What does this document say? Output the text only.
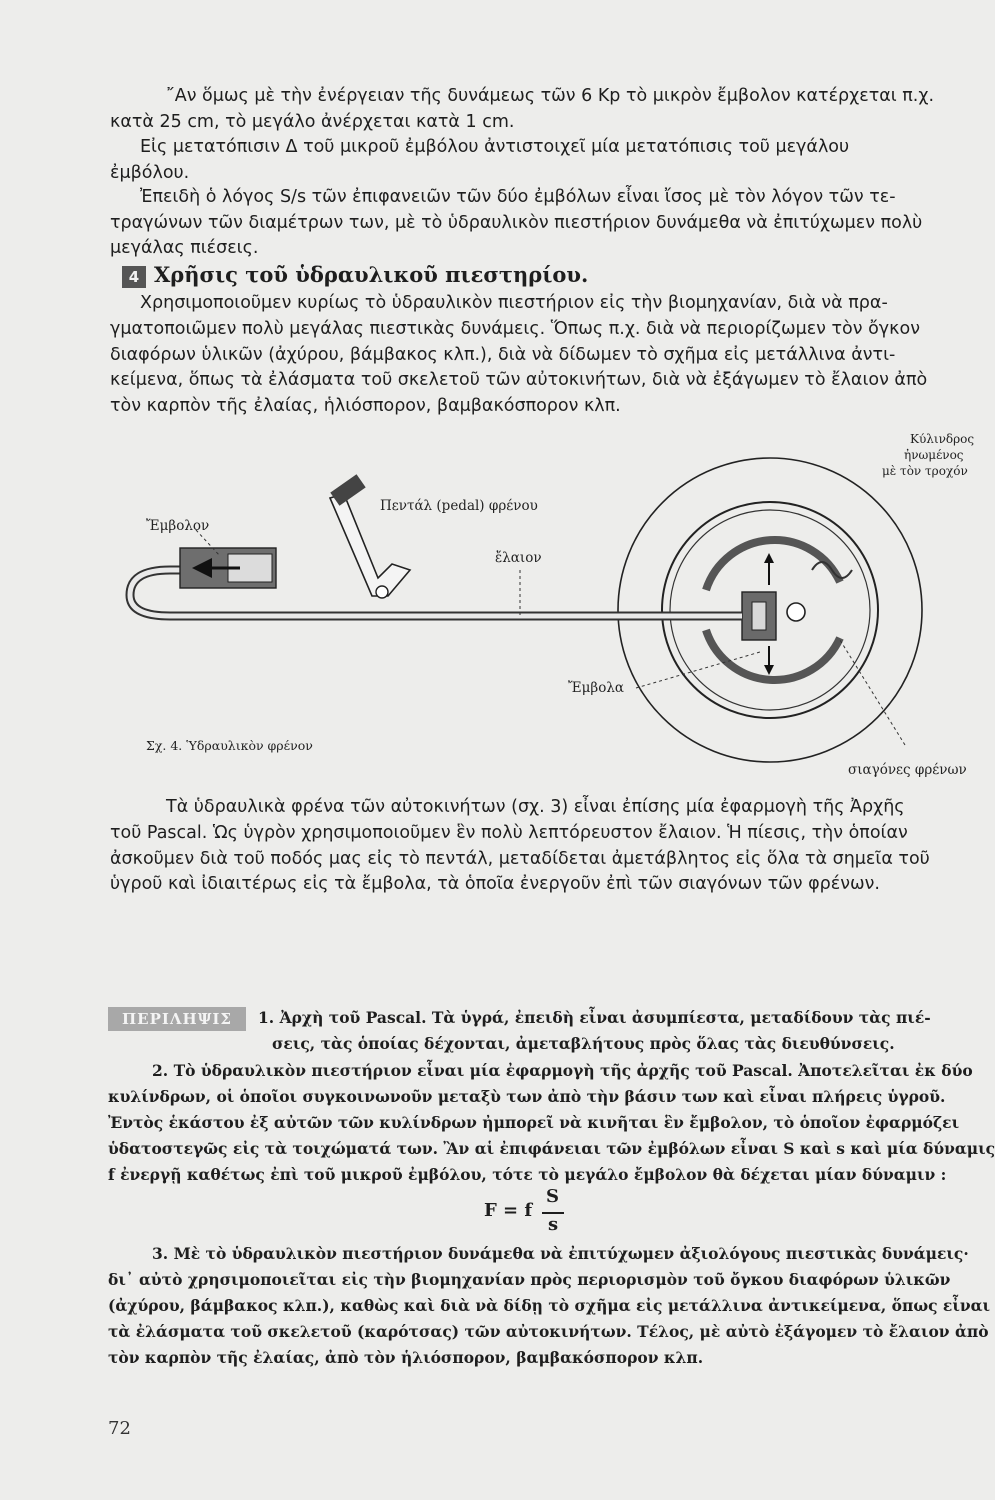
῎Αν ὅμως μὲ τὴν ἐνέργειαν τῆς δυνάμεως τῶν 6 Kp τὸ μικρὸν ἔμβολον κατέρχεται π.χ.
κατὰ 25 cm, τὸ μεγάλο ἀνέρχεται κατὰ 1 cm.
Εἰς μετατόπισιν Δ τοῦ μικροῦ ἐμβόλου ἀντιστοιχεῖ μία μετατόπισις τοῦ μεγάλου
ἐμβόλου.
Ἐπειδὴ ὁ λόγος S/s τῶν ἐπιφανειῶν τῶν δύο ἐμβόλων εἶναι ἴσος μὲ τὸν λόγον τῶν τε-
τραγώνων τῶν διαμέτρων των, μὲ τὸ ὑδραυλικὸν πιεστήριον δυνάμεθα νὰ ἐπιτύχωμεν πολὺ
μεγάλας πιέσεις.
4 Χρῆσις τοῦ ὑδραυλικοῦ πιεστηρίου.
Χρησιμοποιοῦμεν κυρίως τὸ ὑδραυλικὸν πιεστήριον εἰς τὴν βιομηχανίαν, διὰ νὰ πρα-
γματοποιῶμεν πολὺ μεγάλας πιεστικὰς δυνάμεις. Ὅπως π.χ. διὰ νὰ περιορίζωμεν τὸν ὄγκον
διαφόρων ὑλικῶν (ἀχύρου, βάμβακος κλπ.), διὰ νὰ δίδωμεν τὸ σχῆμα εἰς μετάλλινα ἀντι-
κείμενα, ὅπως τὰ ἐλάσματα τοῦ σκελετοῦ τῶν αὐτοκινήτων, διὰ νὰ ἐξάγωμεν τὸ ἔλαιον ἀπὸ
τὸν καρπὸν τῆς ἐλαίας, ἡλιόσπορον, βαμβακόσπορον κλπ.
Ἔμβολον
Πεντάλ (pedal) φρένου
ἔλαιον
Ἔμβολα
σιαγόνες φρένων
Σχ. 4. Ὑδραυλικὸν φρένον
Κύλινδρος
ἠνωμένος
μὲ τὸν τροχόν
Τὰ ὑδραυλικὰ φρένα τῶν αὐτοκινήτων (σχ. 3) εἶναι ἐπίσης μία ἐφαρμογὴ τῆς Ἀρχῆς
τοῦ Pascal. Ὡς ὑγρὸν χρησιμοποιοῦμεν ἓν πολὺ λεπτόρευστον ἔλαιον. Ἡ πίεσις, τὴν ὁποίαν
ἀσκοῦμεν διὰ τοῦ ποδός μας εἰς τὸ πεντάλ, μεταδίδεται ἀμετάβλητος εἰς ὅλα τὰ σημεῖα τοῦ
ὑγροῦ καὶ ἰδιαιτέρως εἰς τὰ ἔμβολα, τὰ ὁποῖα ἐνεργοῦν ἐπὶ τῶν σιαγόνων τῶν φρένων.
ΠΕΡΙΛΗΨΙΣ	1. Ἀρχὴ τοῦ Pascal. Τὰ ὑγρά, ἐπειδὴ εἶναι ἀσυμπίεστα, μεταδίδουν τὰς πιέ-
σεις, τὰς ὁποίας δέχονται, ἀμεταβλήτους πρὸς ὅλας τὰς διευθύνσεις.
2. Τὸ ὑδραυλικὸν πιεστήριον εἶναι μία ἐφαρμογὴ τῆς ἀρχῆς τοῦ Pascal. Ἀποτελεῖται ἐκ δύο
κυλίνδρων, οἱ ὁποῖοι συγκοινωνοῦν μεταξὺ των ἀπὸ τὴν βάσιν των καὶ εἶναι πλήρεις ὑγροῦ.
Ἐντὸς ἑκάστου ἐξ αὐτῶν τῶν κυλίνδρων ἠμπορεῖ νὰ κινῆται ἓν ἔμβολον, τὸ ὁποῖον ἐφαρμόζει
ὑδατοστεγῶς εἰς τὰ τοιχώματά των. Ἂν αἱ ἐπιφάνειαι τῶν ἐμβόλων εἶναι S καὶ s καὶ μία δύναμις
f ἐνεργῇ καθέτως ἐπὶ τοῦ μικροῦ ἐμβόλου, τότε τὸ μεγάλο ἔμβολον θὰ δέχεται μίαν δύναμιν :
F = f
S
s
3. Μὲ τὸ ὑδραυλικὸν πιεστήριον δυνάμεθα νὰ ἐπιτύχωμεν ἀξιολόγους πιεστικὰς δυνάμεις·
δι᾿ αὐτὸ χρησιμοποιεῖται εἰς τὴν βιομηχανίαν πρὸς περιορισμὸν τοῦ ὄγκου διαφόρων ὑλικῶν
(ἀχύρου, βάμβακος κλπ.), καθὼς καὶ διὰ νὰ δίδῃ τὸ σχῆμα εἰς μετάλλινα ἀντικείμενα, ὅπως εἶναι
τὰ ἐλάσματα τοῦ σκελετοῦ (καρότσας) τῶν αὐτοκινήτων. Τέλος, μὲ αὐτὸ ἐξάγομεν τὸ ἔλαιον ἀπὸ
τὸν καρπὸν τῆς ἐλαίας, ἀπὸ τὸν ἡλιόσπορον, βαμβακόσπορον κλπ.
72
